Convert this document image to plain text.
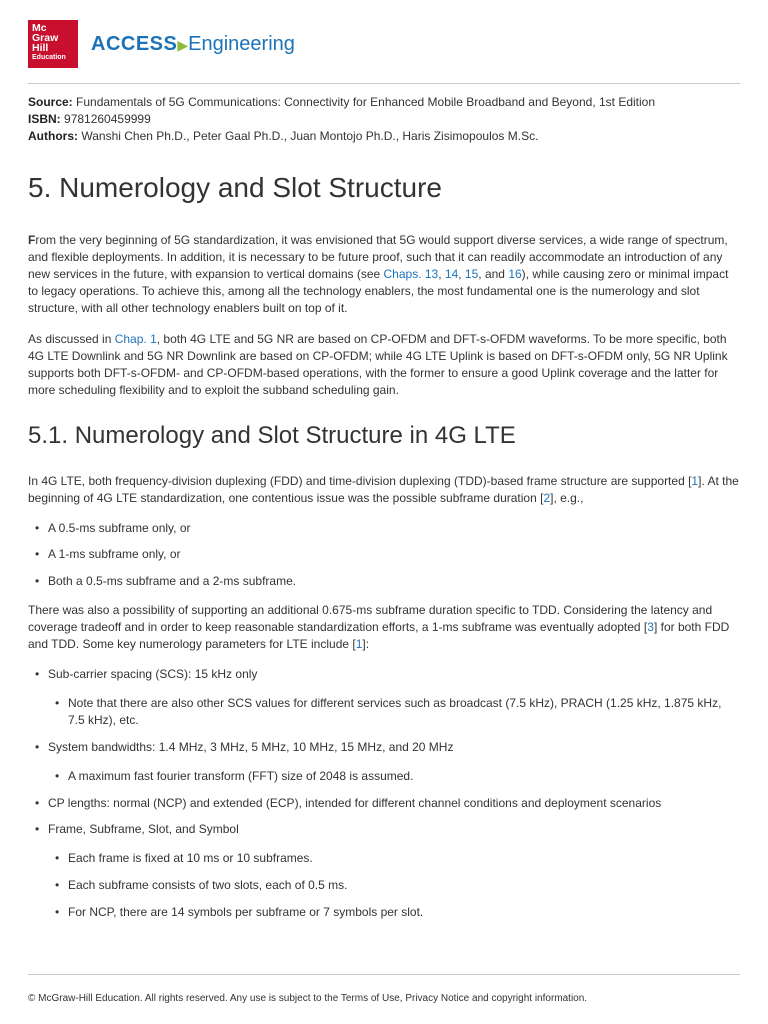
Mc
Graw
Hill
Education
ACCESS▶Engineering
Source: Fundamentals of 5G Communications: Connectivity for Enhanced Mobile Broadband and Beyond, 1st Edition
ISBN: 9781260459999
Authors: Wanshi Chen Ph.D., Peter Gaal Ph.D., Juan Montojo Ph.D., Haris Zisimopoulos M.Sc.
5. Numerology and Slot Structure

From the very beginning of 5G standardization, it was envisioned that 5G would support diverse services, a wide range of spectrum, and flexible deployments. In addition, it is necessary to be future proof, such that it can readily accommodate an introduction of any new services in the future, with expansion to vertical domains (see Chaps. 13, 14, 15, and 16), while causing zero or minimal impact to legacy operations. To achieve this, among all the technology enablers, the most fundamental one is the numerology and slot structure, with all other technology enablers built on top of it.

As discussed in Chap. 1, both 4G LTE and 5G NR are based on CP-OFDM and DFT-s-OFDM waveforms. To be more specific, both 4G LTE Downlink and 5G NR Downlink are based on CP-OFDM; while 4G LTE Uplink is based on DFT-s-OFDM only, 5G NR Uplink supports both DFT-s-OFDM- and CP-OFDM-based operations, with the former to ensure a good Uplink coverage and the latter for more scheduling flexibility and to exploit the subband scheduling gain.

5.1. Numerology and Slot Structure in 4G LTE

In 4G LTE, both frequency-division duplexing (FDD) and time-division duplexing (TDD)-based frame structure are supported [1]. At the beginning of 4G LTE standardization, one contentious issue was the possible subframe duration [2], e.g.,

• A 0.5-ms subframe only, or
• A 1-ms subframe only, or
• Both a 0.5-ms subframe and a 2-ms subframe.

There was also a possibility of supporting an additional 0.675-ms subframe duration specific to TDD. Considering the latency and coverage tradeoff and in order to keep reasonable standardization efforts, a 1-ms subframe was eventually adopted [3] for both FDD and TDD. Some key numerology parameters for LTE include [1]:

• Sub-carrier spacing (SCS): 15 kHz only
• Note that there are also other SCS values for different services such as broadcast (7.5 kHz), PRACH (1.25 kHz, 1.875 kHz, 7.5 kHz), etc.
• System bandwidths: 1.4 MHz, 3 MHz, 5 MHz, 10 MHz, 15 MHz, and 20 MHz
• A maximum fast fourier transform (FFT) size of 2048 is assumed.
• CP lengths: normal (NCP) and extended (ECP), intended for different channel conditions and deployment scenarios
• Frame, Subframe, Slot, and Symbol
• Each frame is fixed at 10 ms or 10 subframes.
• Each subframe consists of two slots, each of 0.5 ms.
• For NCP, there are 14 symbols per subframe or 7 symbols per slot.
© McGraw-Hill Education. All rights reserved. Any use is subject to the Terms of Use, Privacy Notice and copyright information.
